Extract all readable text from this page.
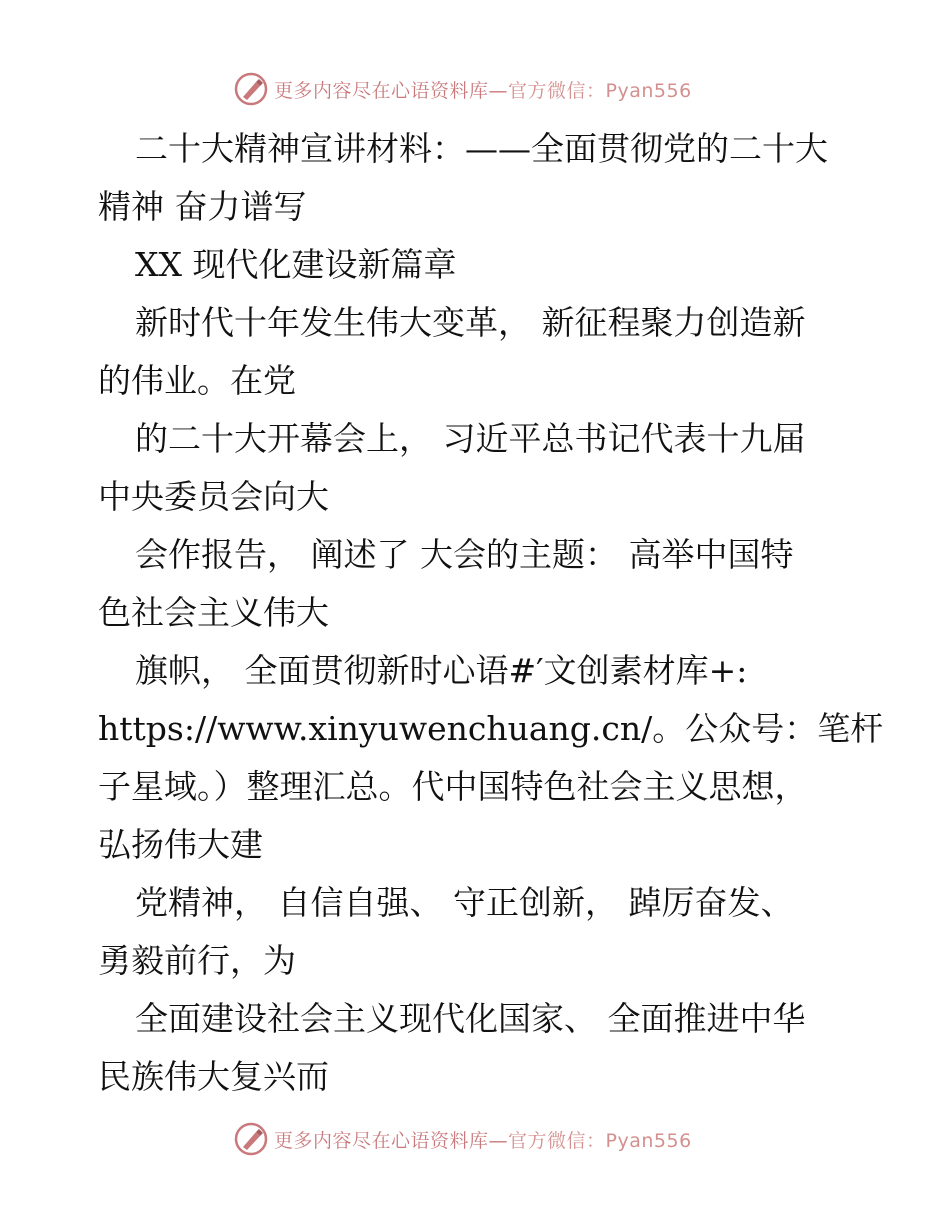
更多内容尽在心语资料库—官方微信：Pyan556
二十大精神宣讲材料：——全面贯彻党的二十大
精神 奋力谱写
XX 现代化建设新篇章
新时代十年发生伟大变革， 新征程聚力创造新
的伟业。在党
的二十大开幕会上， 习近平总书记代表十九届
中央委员会向大
会作报告， 阐述了 大会的主题： 高举中国特
色社会主义伟大
旗帜， 全面贯彻新时心语#′文创素材库+:
https://www.xinyuwenchuang.cn/。公众号：笔杆
子星域。）整理汇总。代中国特色社会主义思想，
弘扬伟大建
党精神， 自信自强、 守正创新， 踔厉奋发、
勇毅前行，为
全面建设社会主义现代化国家、 全面推进中华
民族伟大复兴而
更多内容尽在心语资料库—官方微信：Pyan556
